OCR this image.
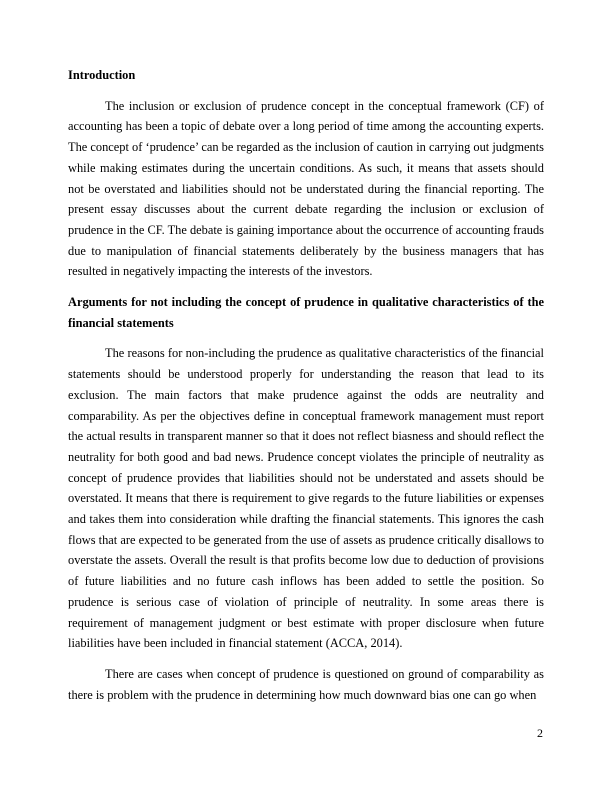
Introduction

The inclusion or exclusion of prudence concept in the conceptual framework (CF) of accounting has been a topic of debate over a long period of time among the accounting experts. The concept of ‘prudence’ can be regarded as the inclusion of caution in carrying out judgments while making estimates during the uncertain conditions. As such, it means that assets should not be overstated and liabilities should not be understated during the financial reporting. The present essay discusses about the current debate regarding the inclusion or exclusion of prudence in the CF. The debate is gaining importance about the occurrence of accounting frauds due to manipulation of financial statements deliberately by the business managers that has resulted in negatively impacting the interests of the investors.

Arguments for not including the concept of prudence in qualitative characteristics of the financial statements

The reasons for non-including the prudence as qualitative characteristics of the financial statements should be understood properly for understanding the reason that lead to its exclusion. The main factors that make prudence against the odds are neutrality and comparability. As per the objectives define in conceptual framework management must report the actual results in transparent manner so that it does not reflect biasness and should reflect the neutrality for both good and bad news. Prudence concept violates the principle of neutrality as concept of prudence provides that liabilities should not be understated and assets should be overstated. It means that there is requirement to give regards to the future liabilities or expenses and takes them into consideration while drafting the financial statements. This ignores the cash flows that are expected to be generated from the use of assets as prudence critically disallows to overstate the assets. Overall the result is that profits become low due to deduction of provisions of future liabilities and no future cash inflows has been added to settle the position. So prudence is serious case of violation of principle of neutrality. In some areas there is requirement of management judgment or best estimate with proper disclosure when future liabilities have been included in financial statement (ACCA, 2014).

There are cases when concept of prudence is questioned on ground of comparability as there is problem with the prudence in determining how much downward bias one can go when

2
